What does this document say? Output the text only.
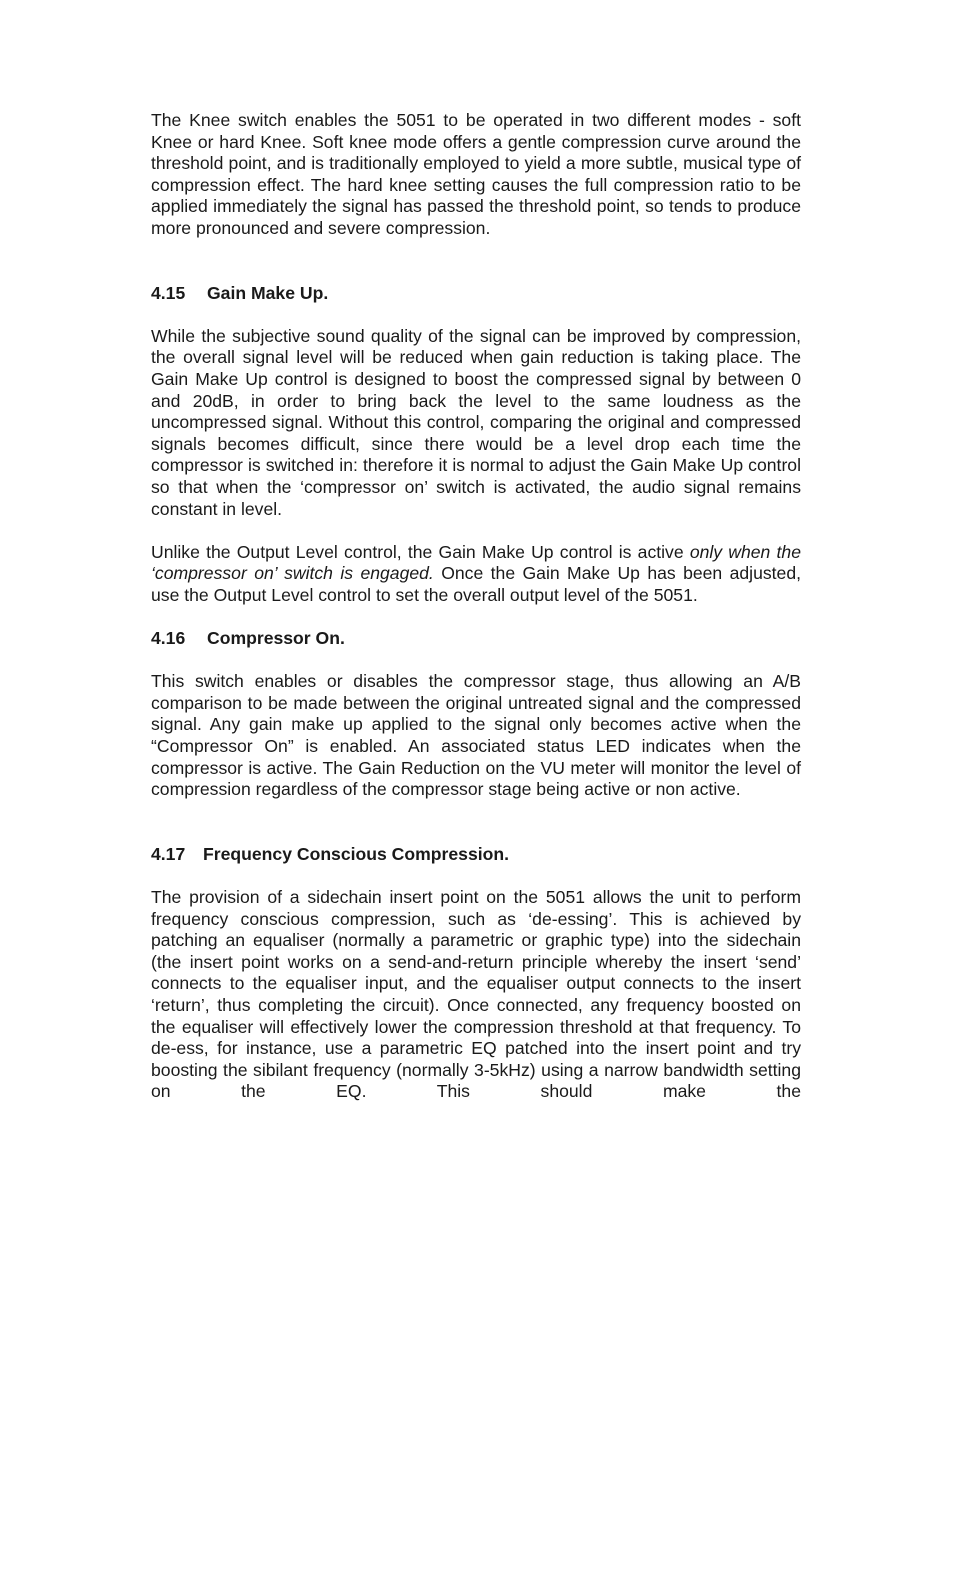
The Knee switch enables the 5051 to be operated in two different modes - soft Knee or hard Knee. Soft knee mode offers a gentle compression curve around the threshold point, and is traditionally employed to yield a more subtle, musical type of compression effect. The hard knee setting causes the full compression ratio to be applied immediately the signal has passed the threshold point, so tends to produce more pronounced and severe compression.

4.15 Gain Make Up.

While the subjective sound quality of the signal can be improved by compression, the overall signal level will be reduced when gain reduction is taking place. The Gain Make Up control is designed to boost the compressed signal by between 0 and 20dB, in order to bring back the level to the same loudness as the uncompressed signal. Without this control, comparing the original and compressed signals becomes difficult, since there would be a level drop each time the compressor is switched in: therefore it is normal to adjust the Gain Make Up control so that when the ‘compressor on’ switch is activated, the audio signal remains constant in level.

Unlike the Output Level control, the Gain Make Up control is active only when the ‘compressor on’ switch is engaged. Once the Gain Make Up has been adjusted, use the Output Level control to set the overall output level of the 5051.

4.16 Compressor On.

This switch enables or disables the compressor stage, thus allowing an A/B comparison to be made between the original untreated signal and the compressed signal. Any gain make up applied to the signal only becomes active when the “Compressor On” is enabled. An associated status LED indicates when the compressor is active. The Gain Reduction on the VU meter will monitor the level of compression regardless of the compressor stage being active or non active.

4.17 Frequency Conscious Compression.

The provision of a sidechain insert point on the 5051 allows the unit to perform frequency conscious compression, such as ‘de-essing’. This is achieved by patching an equaliser (normally a parametric or graphic type) into the sidechain (the insert point works on a send-and-return principle whereby the insert ‘send’ connects to the equaliser input, and the equaliser output connects to the insert ‘return’, thus completing the circuit). Once connected, any frequency boosted on the equaliser will effectively lower the compression threshold at that frequency. To de-ess, for instance, use a parametric EQ patched into the insert point and try boosting the sibilant frequency (normally 3-5kHz) using a narrow bandwidth setting on the EQ. This should make the
